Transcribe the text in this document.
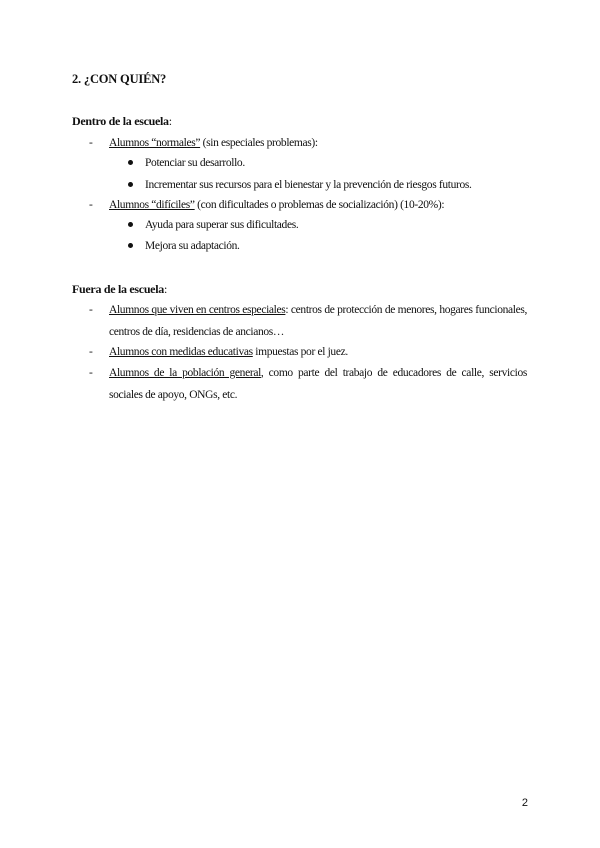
2. ¿CON QUIÉN?
Dentro de la escuela:
- Alumnos “normales” (sin especiales problemas):
Potenciar su desarrollo.
Incrementar sus recursos para el bienestar y la prevención de riesgos futuros.
- Alumnos “difíciles” (con dificultades o problemas de socialización) (10-20%):
Ayuda para superar sus dificultades.
Mejora su adaptación.
Fuera de la escuela:
- Alumnos que viven en centros especiales: centros de protección de menores, hogares funcionales, centros de día, residencias de ancianos…
- Alumnos con medidas educativas impuestas por el juez.
- Alumnos de la población general, como parte del trabajo de educadores de calle, servicios sociales de apoyo, ONGs, etc.
2
